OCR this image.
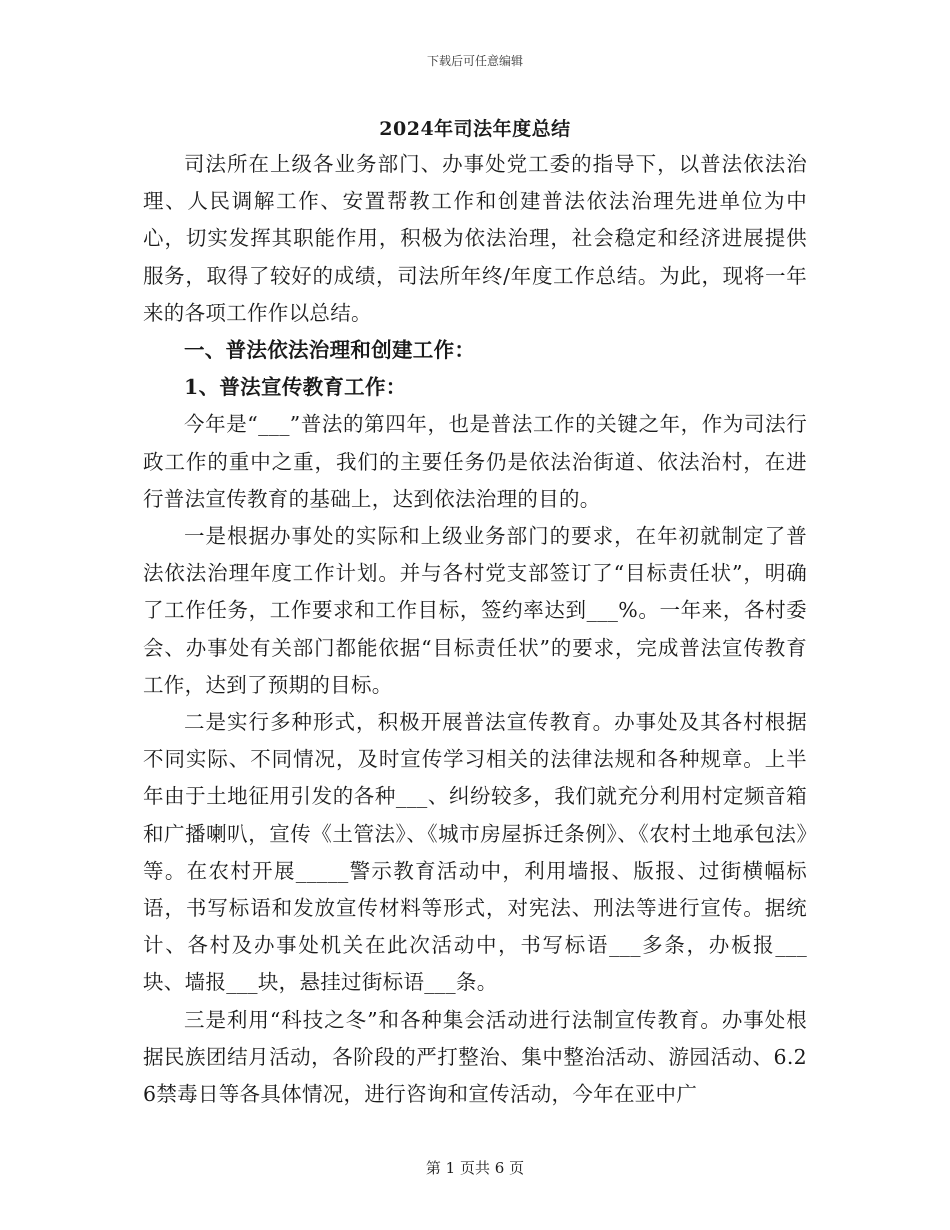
下载后可任意编辑
2024年司法年度总结

司法所在上级各业务部门、办事处党工委的指导下，以普法依法治理、人民调解工作、安置帮教工作和创建普法依法治理先进单位为中心，切实发挥其职能作用，积极为依法治理，社会稳定和经济进展提供服务，取得了较好的成绩，司法所年终/年度工作总结。为此，现将一年来的各项工作作以总结。

一、普法依法治理和创建工作：

1、普法宣传教育工作：

今年是“___”普法的第四年，也是普法工作的关键之年，作为司法行政工作的重中之重，我们的主要任务仍是依法治街道、依法治村，在进行普法宣传教育的基础上，达到依法治理的目的。

一是根据办事处的实际和上级业务部门的要求，在年初就制定了普法依法治理年度工作计划。并与各村党支部签订了“目标责任状”，明确了工作任务，工作要求和工作目标，签约率达到___%。一年来，各村委会、办事处有关部门都能依据“目标责任状”的要求，完成普法宣传教育工作，达到了预期的目标。

二是实行多种形式，积极开展普法宣传教育。办事处及其各村根据不同实际、不同情况，及时宣传学习相关的法律法规和各种规章。上半年由于土地征用引发的各种___、纠纷较多，我们就充分利用村定频音箱和广播喇叭，宣传《土管法》、《城市房屋拆迁条例》、《农村土地承包法》等。在农村开展_____警示教育活动中，利用墙报、版报、过街横幅标语，书写标语和发放宣传材料等形式，对宪法、刑法等进行宣传。据统计、各村及办事处机关在此次活动中，书写标语___多条，办板报___块、墙报___块，悬挂过街标语___条。

三是利用“科技之冬”和各种集会活动进行法制宣传教育。办事处根据民族团结月活动，各阶段的严打整治、集中整治活动、游园活动、6.26禁毒日等各具体情况，进行咨询和宣传活动，今年在亚中广

第 1 页共 6 页
